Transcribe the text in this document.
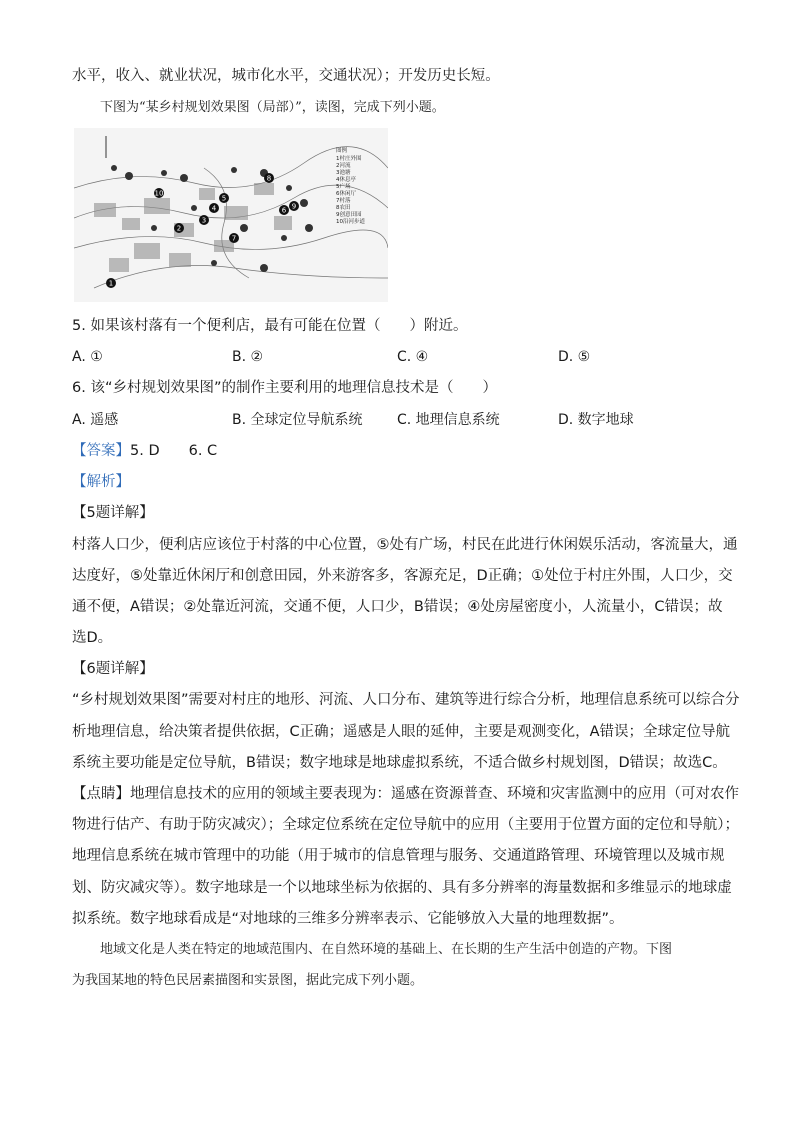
水平，收入、就业状况，城市化水平，交通状况）；开发历史长短。
下图为“某乡村规划效果图（局部）”，读图，完成下列小题。
1
2
3
4
5
6
7
8
9
10
图例
1村庄外围
2河流
3池塘
4休息亭
5广场
6休闲厅
7村落
8农田
9创意田园
10沿河步道
5. 如果该村落有一个便利店，最有可能在位置（　　）附近。
A. ①	B. ②	C. ④	D. ⑤
6. 该“乡村规划效果图”的制作主要利用的地理信息技术是（　　）
A. 遥感	B. 全球定位导航系统 C. 地理信息系统	D. 数字地球
【答案】5. D　　6. C
【解析】
【5题详解】
村落人口少，便利店应该位于村落的中心位置，⑤处有广场，村民在此进行休闲娱乐活动，客流量大，通
达度好，⑤处靠近休闲厅和创意田园，外来游客多，客源充足，D正确；①处位于村庄外围，人口少，交
通不便，A错误；②处靠近河流，交通不便，人口少，B错误；④处房屋密度小，人流量小，C错误；故
选D。
【6题详解】
“乡村规划效果图”需要对村庄的地形、河流、人口分布、建筑等进行综合分析，地理信息系统可以综合分
析地理信息，给决策者提供依据，C正确；遥感是人眼的延伸，主要是观测变化，A错误；全球定位导航
系统主要功能是定位导航，B错误；数字地球是地球虚拟系统，不适合做乡村规划图，D错误；故选C。
【点睛】地理信息技术的应用的领域主要表现为：遥感在资源普查、环境和灾害监测中的应用（可对农作
物进行估产、有助于防灾减灾）；全球定位系统在定位导航中的应用（主要用于位置方面的定位和导航）；
地理信息系统在城市管理中的功能（用于城市的信息管理与服务、交通道路管理、环境管理以及城市规
划、防灾减灾等）。数字地球是一个以地球坐标为依据的、具有多分辨率的海量数据和多维显示的地球虚
拟系统。数字地球看成是“对地球的三维多分辨率表示、它能够放入大量的地理数据”。
地域文化是人类在特定的地域范围内、在自然环境的基础上、在长期的生产生活中创造的产物。下图
为我国某地的特色民居素描图和实景图，据此完成下列小题。
